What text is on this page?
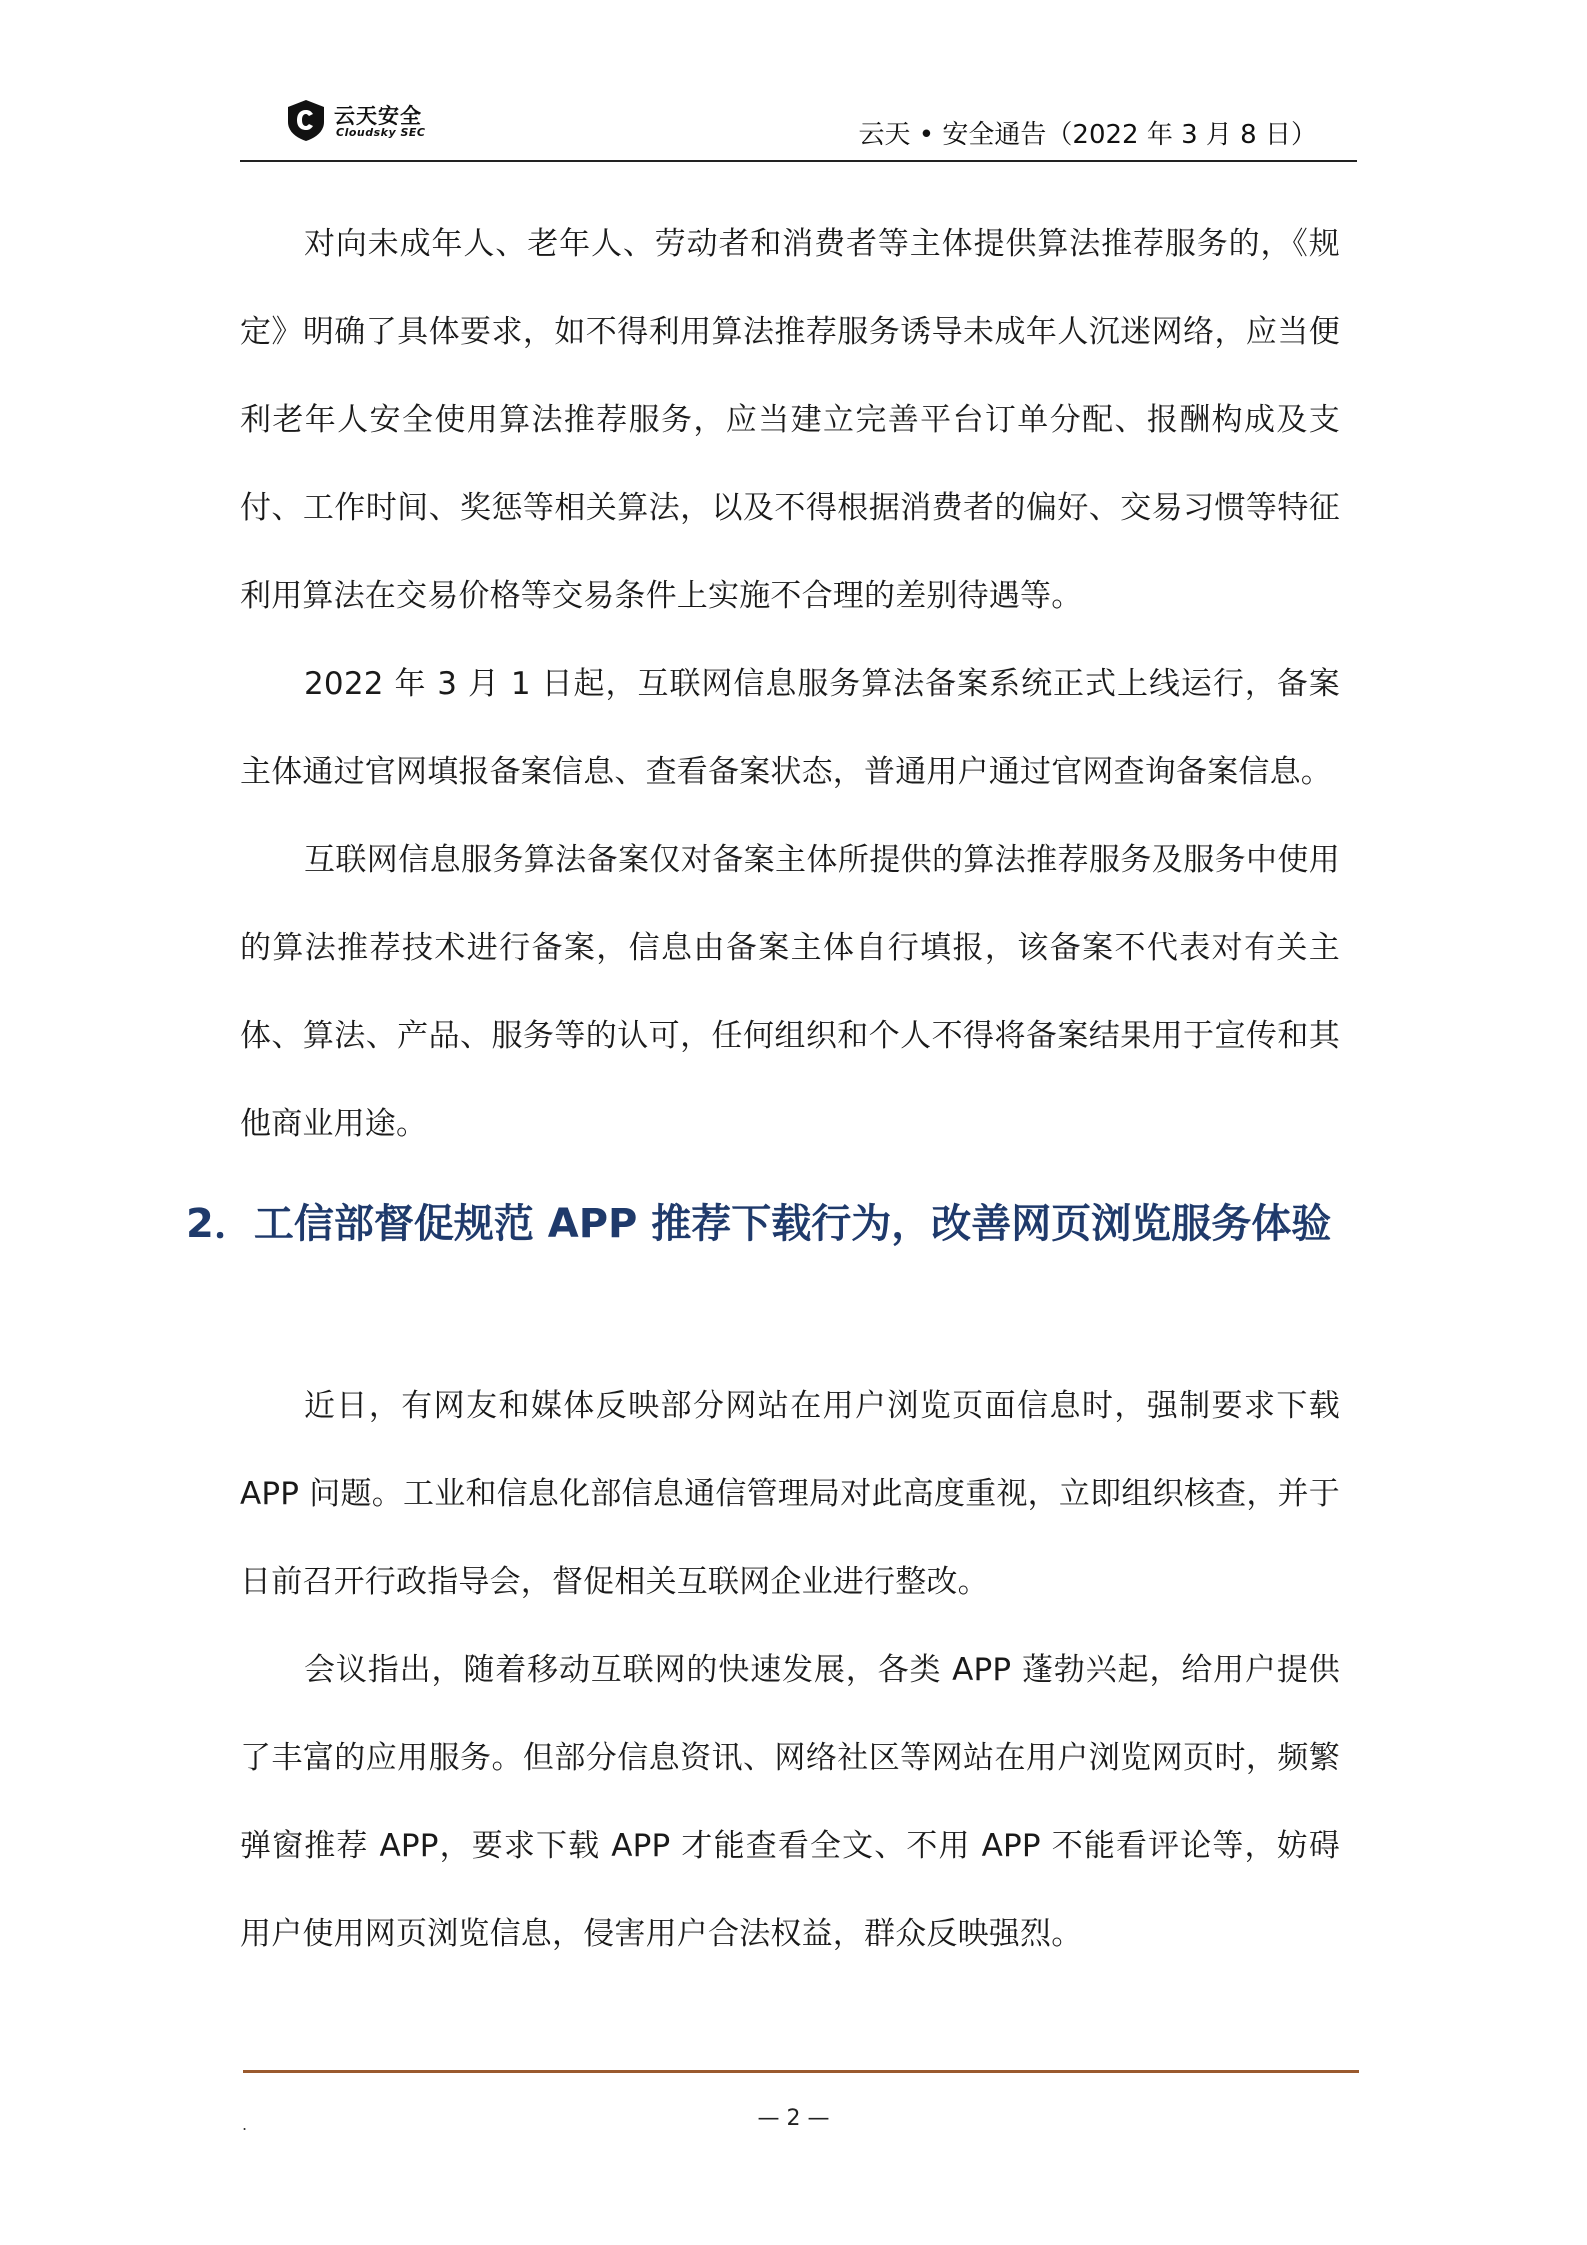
云天安全
Cloudsky SEC	云天 • 安全通告（2022 年 3 月 8 日）

对向未成年人、老年人、劳动者和消费者等主体提供算法推荐服务的，《规定》明确了具体要求，如不得利用算法推荐服务诱导未成年人沉迷网络，应当便利老年人安全使用算法推荐服务，应当建立完善平台订单分配、报酬构成及支付、工作时间、奖惩等相关算法，以及不得根据消费者的偏好、交易习惯等特征利用算法在交易价格等交易条件上实施不合理的差别待遇等。

2022 年 3 月 1 日起，互联网信息服务算法备案系统正式上线运行，备案主体通过官网填报备案信息、查看备案状态，普通用户通过官网查询备案信息。

互联网信息服务算法备案仅对备案主体所提供的算法推荐服务及服务中使用的算法推荐技术进行备案，信息由备案主体自行填报，该备案不代表对有关主体、算法、产品、服务等的认可，任何组织和个人不得将备案结果用于宣传和其他商业用途。

2．工信部督促规范 APP 推荐下载行为，改善网页浏览服务体验

近日，有网友和媒体反映部分网站在用户浏览页面信息时，强制要求下载 APP 问题。工业和信息化部信息通信管理局对此高度重视，立即组织核查，并于日前召开行政指导会，督促相关互联网企业进行整改。

会议指出，随着移动互联网的快速发展，各类 APP 蓬勃兴起，给用户提供了丰富的应用服务。但部分信息资讯、网络社区等网站在用户浏览网页时，频繁弹窗推荐 APP，要求下载 APP 才能查看全文、不用 APP 不能看评论等，妨碍用户使用网页浏览信息，侵害用户合法权益，群众反映强烈。

.	— 2 —
